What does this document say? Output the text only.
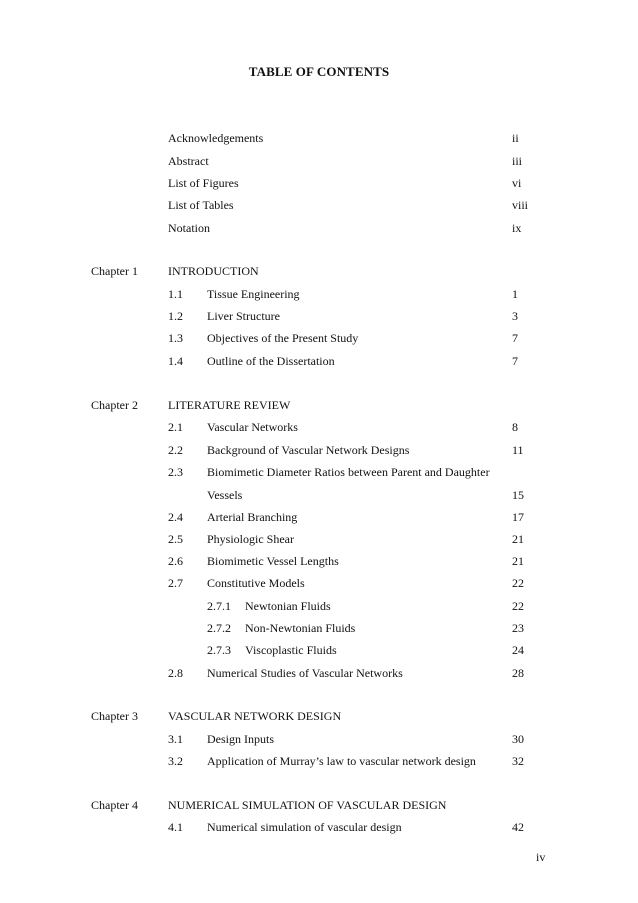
TABLE OF CONTENTS
Acknowledgements	ii
Abstract	iii
List of Figures	vi
List of Tables	viii
Notation	ix
Chapter 1	INTRODUCTION
1.1 Tissue Engineering	1
1.2 Liver Structure	3
1.3 Objectives of the Present Study	7
1.4 Outline of the Dissertation	7
Chapter 2	LITERATURE REVIEW
2.1 Vascular Networks	8
2.2 Background of Vascular Network Designs	11
2.3 Biomimetic Diameter Ratios between Parent and Daughter
Vessels	15
2.4 Arterial Branching	17
2.5 Physiologic Shear	21
2.6 Biomimetic Vessel Lengths	21
2.7 Constitutive Models	22
2.7.1 Newtonian Fluids	22
2.7.2 Non-Newtonian Fluids	23
2.7.3 Viscoplastic Fluids	24
2.8 Numerical Studies of Vascular Networks	28
Chapter 3	VASCULAR NETWORK DESIGN
3.1 Design Inputs	30
3.2 Application of Murray’s law to vascular network design	32
Chapter 4	NUMERICAL SIMULATION OF VASCULAR DESIGN
4.1 Numerical simulation of vascular design	42
iv
